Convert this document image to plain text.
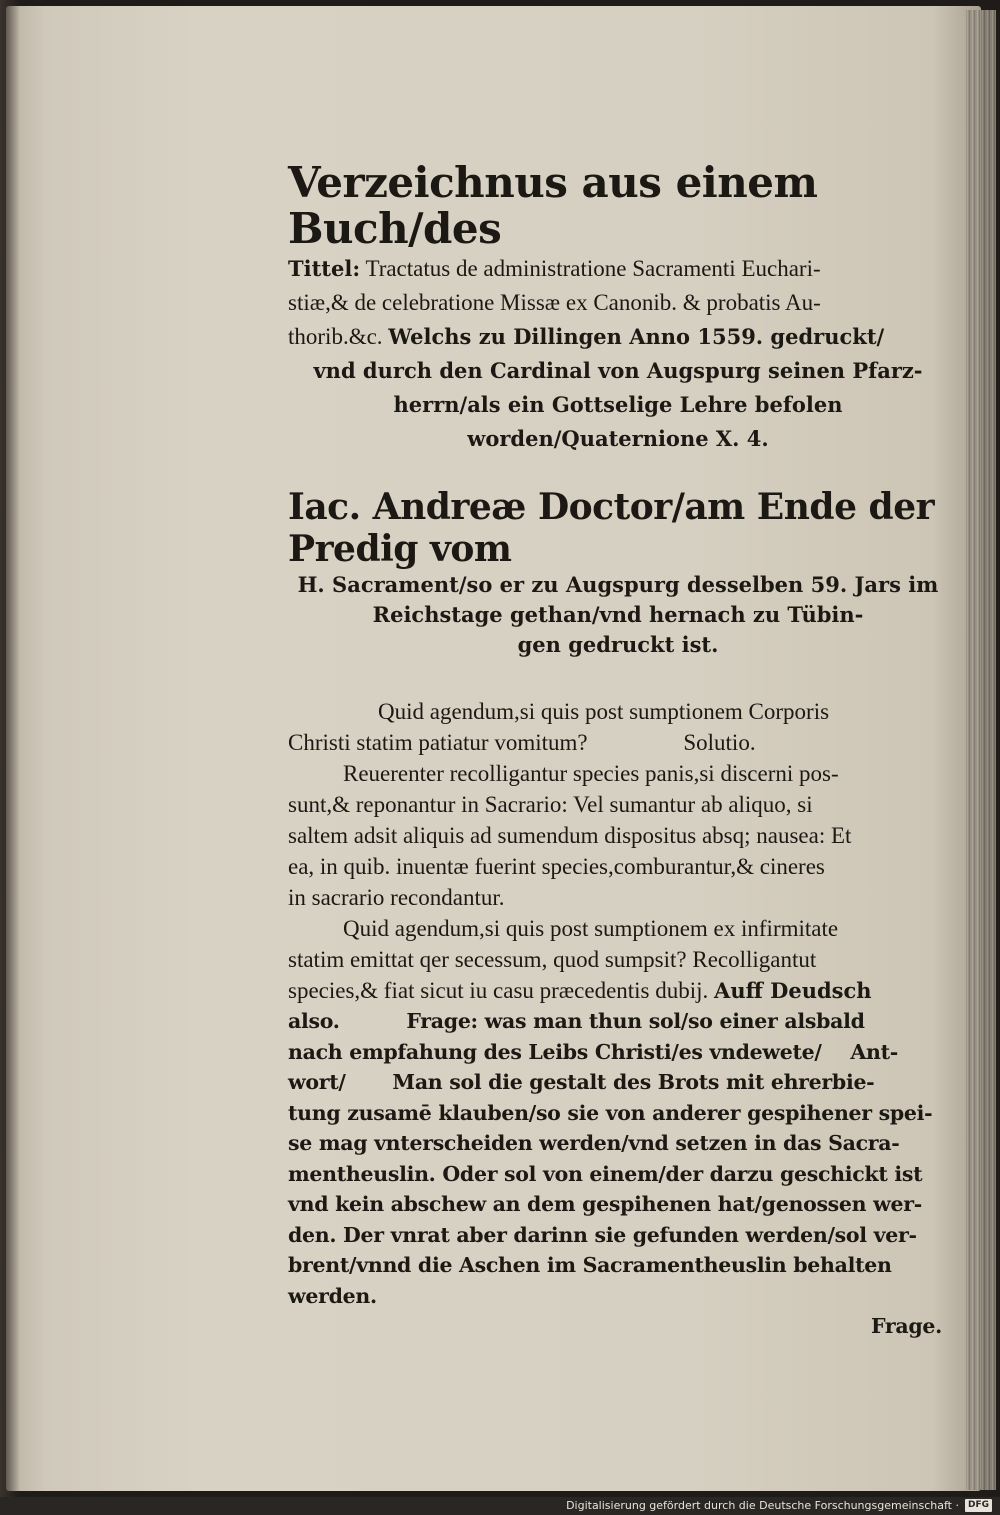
Verzeichnus aus einem Buch/des
Tittel: Tractatus de administratione Sacramenti Euchari-
stiæ,& de celebratione Missæ ex Canonib. & probatis Au-
thorib.&c. Welchs zu Dillingen Anno 1559. gedruckt/
vnd durch den Cardinal von Augspurg seinen Pfarz-
herrn/als ein Gottselige Lehre befolen
worden/Quaternione X. 4.
Iac. Andreæ Doctor/am Ende der Predig vom
H. Sacrament/so er zu Augspurg desselben 59. Jars im
Reichstage gethan/vnd hernach zu Tübin-
gen gedruckt ist.
Quid agendum,si quis post sumptionem Corporis
Christi statim patiatur vomitum?	Solutio.
Reuerenter recolligantur species panis,si discerni pos-
sunt,& reponantur in Sacrario: Vel sumantur ab aliquo, si
saltem adsit aliquis ad sumendum dispositus absq; nausea: Et
ea, in quib. inuentæ fuerint species,comburantur,& cineres
in sacrario recondantur.
Quid agendum,si quis post sumptionem ex infirmitate
statim emittat qer secessum, quod sumpsit? Recolligantut
species,& fiat sicut iu casu præcedentis dubij. Auff Deudsch
also.	Frage: was man thun sol/so einer alsbald
nach empfahung des Leibs Christi/es vndewete/ Ant-
wort/ Man sol die gestalt des Brots mit ehrerbie-
tung zusamē klauben/so sie von anderer gespihener spei-
se mag vnterscheiden werden/vnd setzen in das Sacra-
mentheuslin. Oder sol von einem/der darzu geschickt ist
vnd kein abschew an dem gespihenen hat/genossen wer-
den. Der vnrat aber darinn sie gefunden werden/sol ver-
brent/vnnd die Aschen im Sacramentheuslin behalten
werden.
Frage.
Digitalisierung gefördert durch die Deutsche Forschungsgemeinschaft ·	DFG
